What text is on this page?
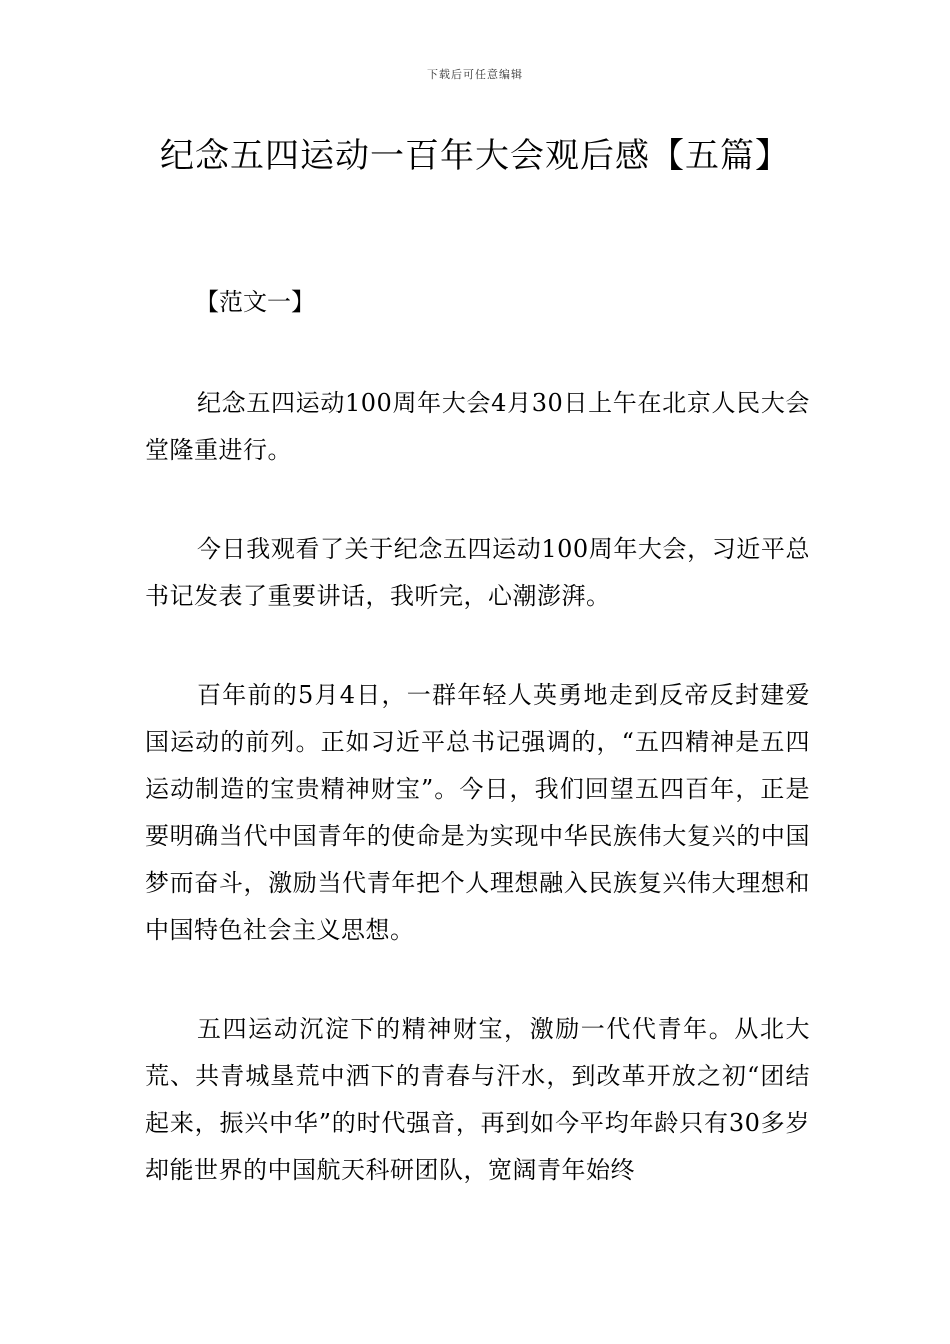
下载后可任意编辑
纪念五四运动一百年大会观后感【五篇】

【范文一】

纪念五四运动100周年大会4月30日上午在北京人民大会堂隆重进行。

今日我观看了关于纪念五四运动100周年大会，习近平总书记发表了重要讲话，我听完，心潮澎湃。

百年前的5月4日，一群年轻人英勇地走到反帝反封建爱国运动的前列。正如习近平总书记强调的，“五四精神是五四运动制造的宝贵精神财宝”。今日，我们回望五四百年，正是要明确当代中国青年的使命是为实现中华民族伟大复兴的中国梦而奋斗，激励当代青年把个人理想融入民族复兴伟大理想和中国特色社会主义思想。

五四运动沉淀下的精神财宝，激励一代代青年。从北大荒、共青城垦荒中洒下的青春与汗水，到改革开放之初“团结起来，振兴中华”的时代强音，再到如今平均年龄只有30多岁却能世界的中国航天科研团队，宽阔青年始终
